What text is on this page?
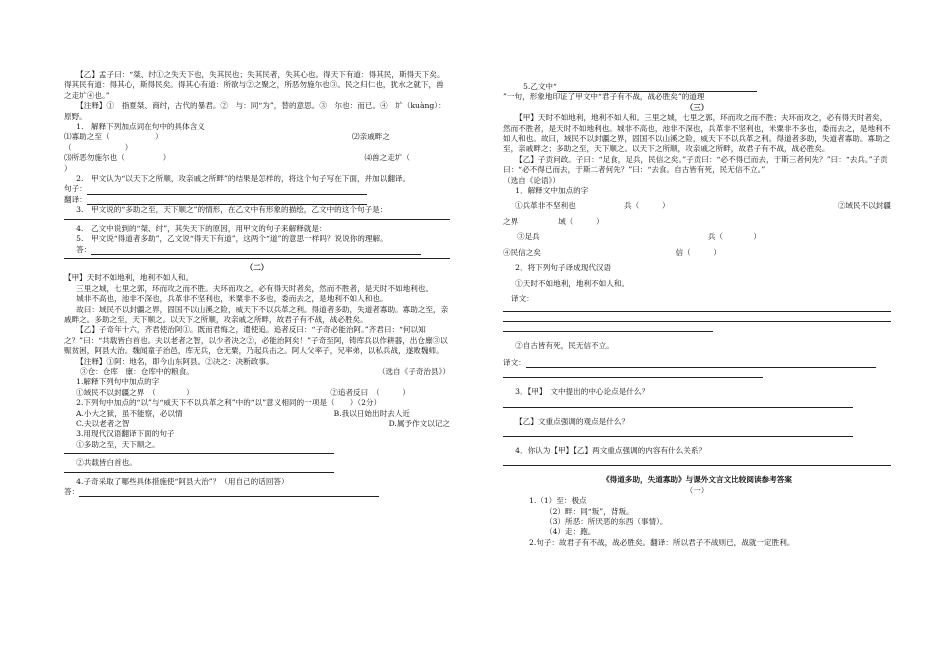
【乙】孟子曰：“桀、纣①之失天下也，失其民也；失其民者，失其心也。得天下有道：得其民，斯得天下矣。得其民有道：得其心，斯得民矣。得其心有道：所欲与②之聚之，所恶勿施尔也③。民之归仁也，犹水之就下，兽之走圹④也。”

【注释】①　指夏桀、商纣，古代的暴君。②　与：同“为”，替的意思。③　尔也：而已。④　圹（kuàng）：原野。

1.　解释下列加点词在句中的具体含义

⑴寡助之至（　　　　　　）	⑵亲戚畔之

（　　　　　　　）

⑶所恶勿施尔也（　　　　　）	⑷兽之走圹（

）

2.　甲文认为“以天下之所顺，攻亲戚之所畔”的结果是怎样的，将这个句子写在下面，并加以翻译。

句子：

翻译：

3.　甲文说的“多助之至，天下顺之”的情形，在乙文中有形象的描绘，乙文中的这个句子是：

4.　乙文中说到的“桀、纣”，其失天下的原因，用甲文的句子来解释就是：

5.　甲文说“得道者多助”，乙文说“得天下有道”，这两个“道”的意思一样吗？说说你的理解。

答：

（二）

【甲】天时不如地利，地利不如人和。

三里之城，七里之郭，环而攻之而不胜。夫环而攻之，必有得天时者矣，然而不胜者，是天时不如地利也。

城非不高也，池非不深也，兵革非不坚利也，米粟非不多也，委而去之，是地利不如人和也。

故曰：域民不以封疆之界，固国不以山溪之险，威天下不以兵革之利。得道者多助，失道者寡助。寡助之至，亲戚畔之。多助之至，天下顺之。以天下之所顺，攻亲戚之所畔，故君子有不战，战必胜矣。

【乙】子奇年十六，齐君使治阿①。既而君悔之，遣使追。追者反曰：“子奇必能治阿。”齐君曰：“何以知之？”曰：“共载皆白首也。夫以老者之智，以少者决之②，必能治阿矣！”子奇至阿，铸库兵以作耕器，出仓廪③以赈贫困，阿县大治。魏闻童子治邑，库无兵，仓无粟，乃起兵击之。阿人父率子，兄率弟，以私兵战，遂败魏师。

【注释】①阿：地名，即今山东阿县。②决之：决断政事。

③仓：仓库　廪：仓库中的粮食。	（选自《子奇治县》）

1.解释下列句中加点的字

①域民不以封疆之界　（　　　　）	②追者反曰　（　　　）

2.下列句中加点的“以”与“威天下不以兵革之利”中的“以”意义相同的一项是（　　）（2分）

A.小大之狱，虽不能察，必以情	B.我以日始出时去人近
C.夫以老者之智	D.属予作文以记之

3.用现代汉语翻译下面的句子

①多助之至，天下顺之。

②共载皆白首也。

4.子奇采取了哪些具体措施使“阿县大治”？（用自己的话回答）

答：

5.乙文中“

”一句，形象地印证了甲文中“君子有不战，战必胜矣”的道理

（三）

【甲】天时不如地利，地利不如人和。三里之城，七里之郭，环而攻之而不胜；夫环而攻之，必有得天时者矣，然而不胜者，是天时不如地利也。城非不高也，池非不深也，兵革非不坚利也，米粟非不多也，委而去之，是地利不如人和也。故曰，域民不以封疆之界，固国不以山溪之险，威天下不以兵革之利。得道者多助，失道者寡助。寡助之至，亲戚畔之；多助之至，天下顺之。以天下之所顺，攻亲戚之所畔，故君子有不战，战必胜矣。

【乙】子贡问政。子曰：“足食，足兵，民信之矣。”子贡曰：“必不得已而去，于斯三者何先？”曰：“去兵。”子贡曰：“必不得已而去，于斯二者何先？”曰：“去食。自古皆有死，民无信不立。”

（选自《论语》）

1．解释文中加点的字

①兵革非不坚利也	兵（　　　）	②域民不以封疆

之界	域（　　　）

③足兵	兵（　　　　）
④民信之矣	信（　　　）

2．将下列句子译成现代汉语

①天时不如地利，地利不如人和。

译文：

②自古皆有死，民无信不立。

译文：

3．【甲】　文中提出的中心论点是什么？

【乙】文重点强调的观点是什么？

4．你认为【甲】【乙】两文重点强调的内容有什么关系？

《得道多助，失道寡助》与课外文言文比较阅读参考答案

（一）

1.（1）至：极点

（2）畔：同“叛”，背叛。

（3）所恶：所厌恶的东西（事情）。

（4）走：跑。

2.句子：故君子有不战，战必胜矣。翻译：所以君子不战则已，战就一定胜利。
